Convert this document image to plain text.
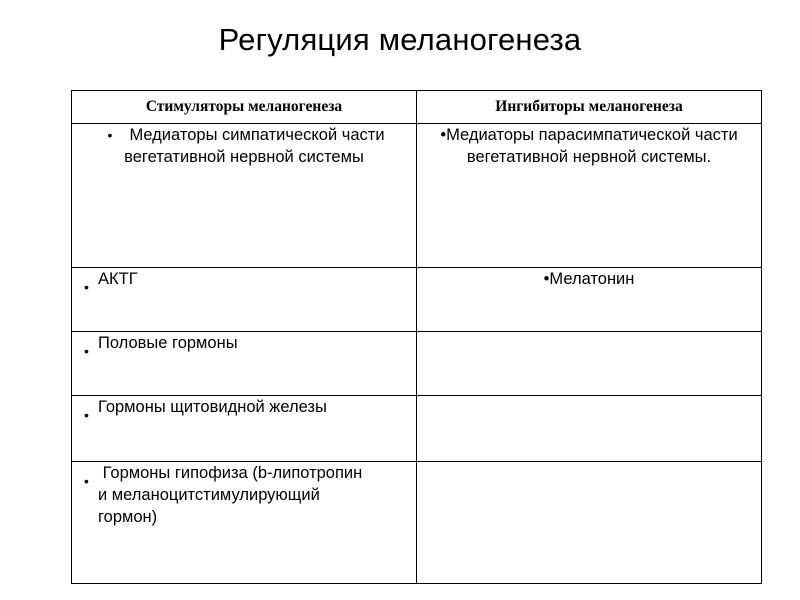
Регуляция меланогенеза
Стимуляторы меланогенеза	Ингибиторы меланогенеза
• Медиаторы симпатической части вегетативной нервной системы	•Медиаторы парасимпатической части вегетативной нервной системы.

• АКТГ	•Мелатонин

• Половые гормоны	

• Гормоны щитовидной железы	

• Гормоны гипофиза (b-липотропин и меланоцитстимулирующий гормон)	
